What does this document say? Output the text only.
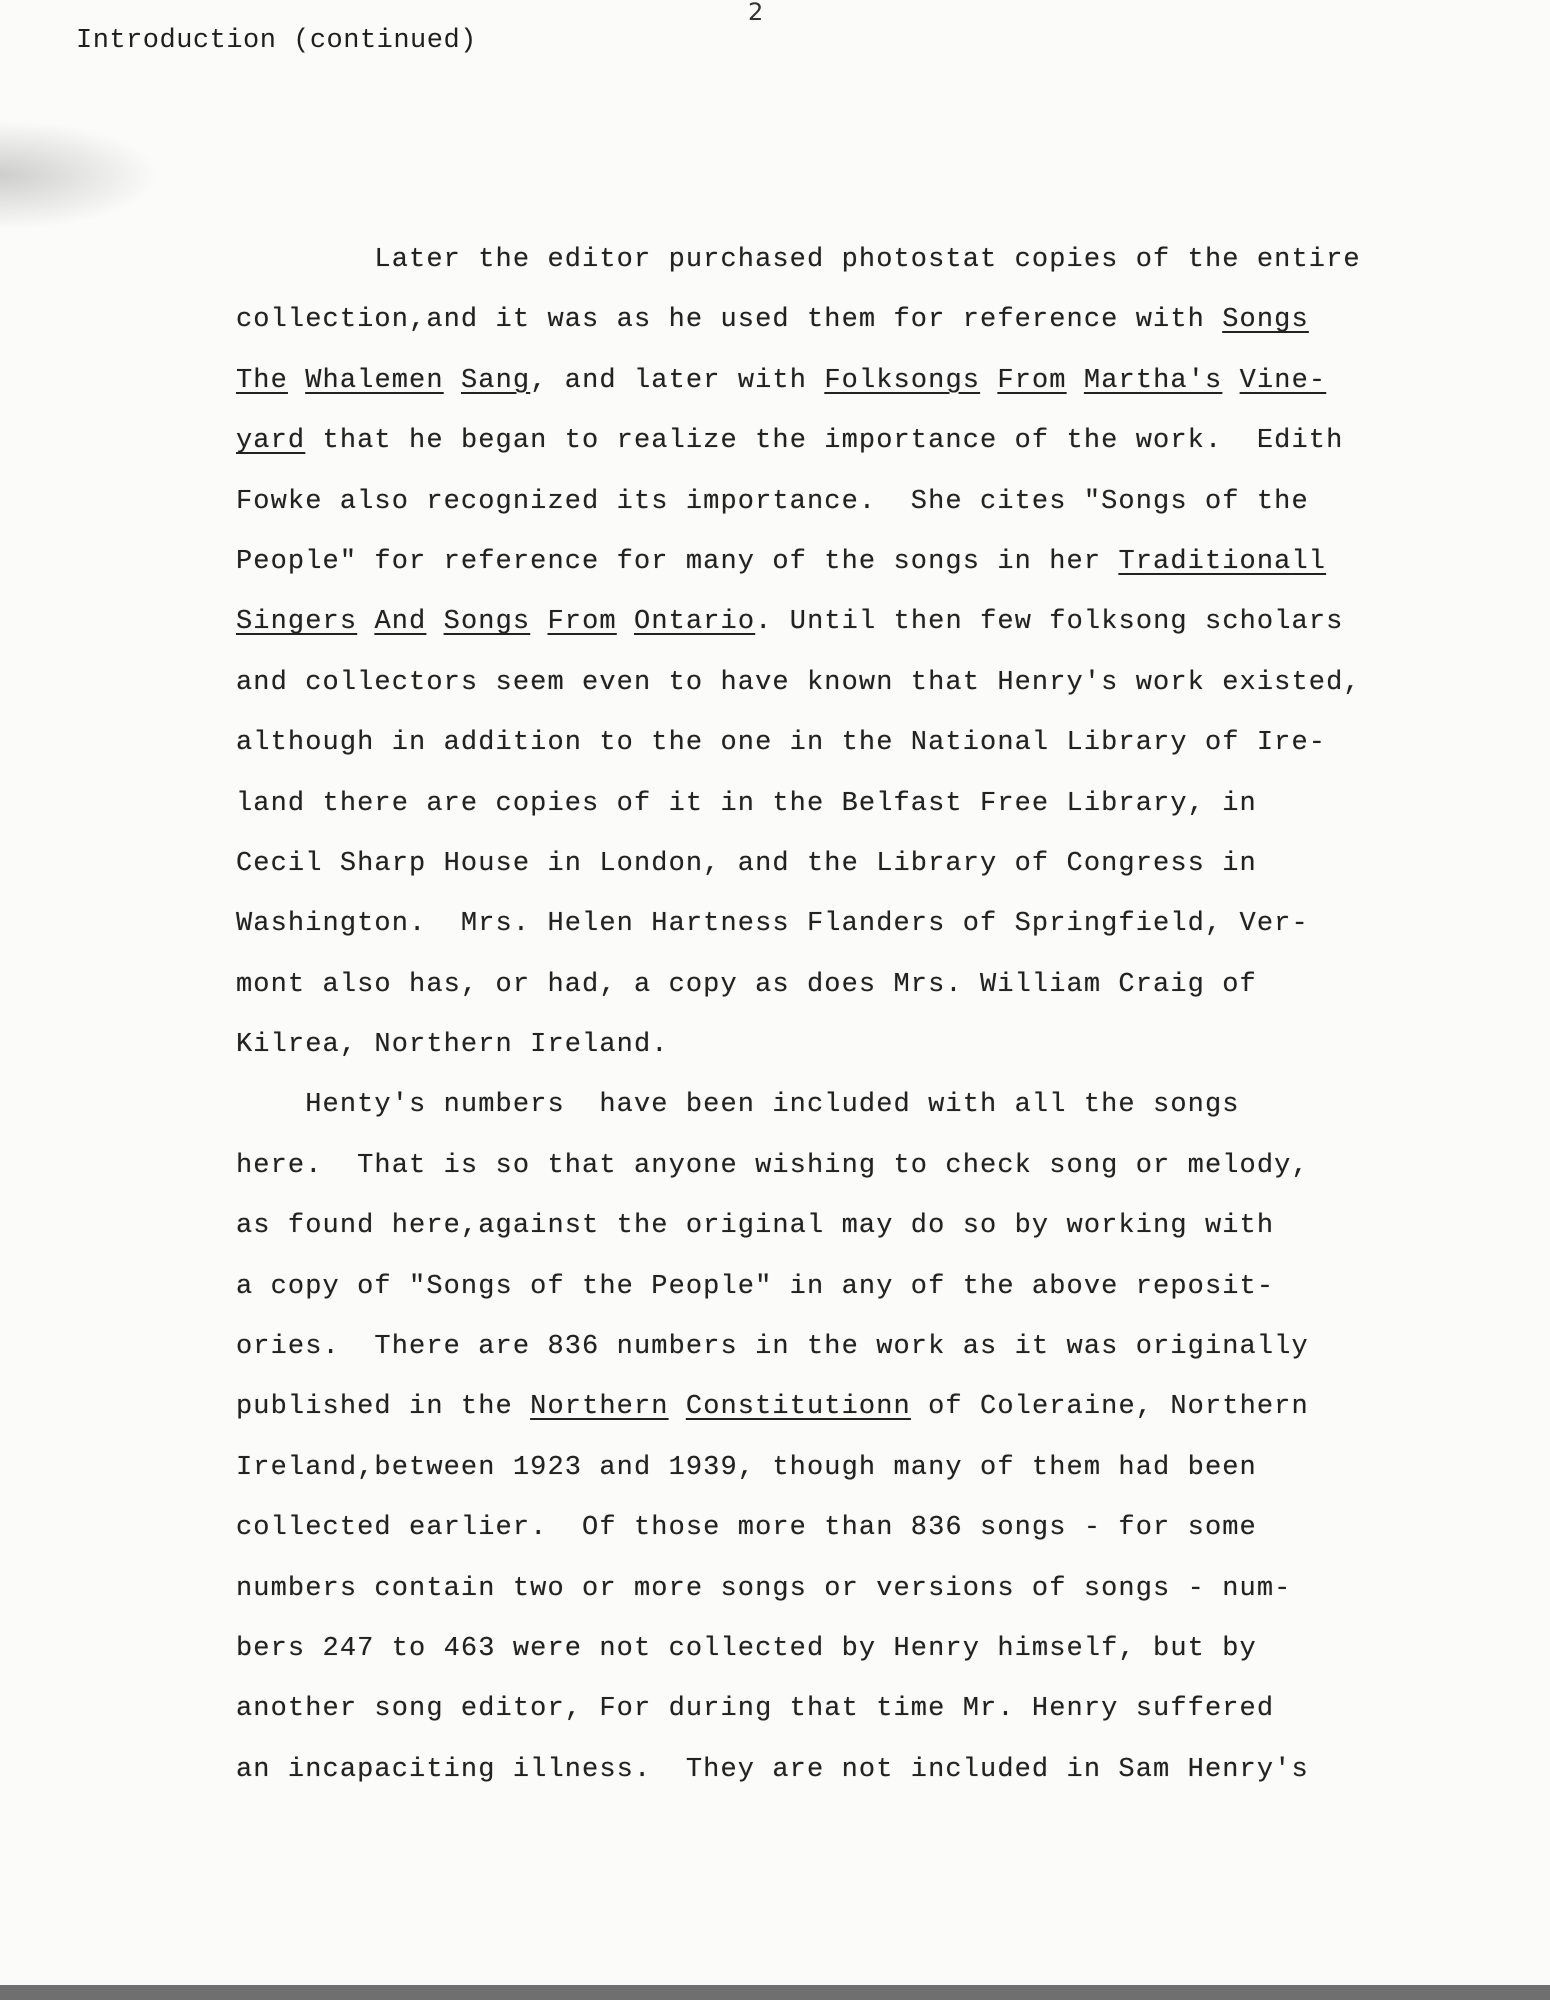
2
Introduction (continued)
Later the editor purchased photostat copies of the entire
collection,and it was as he used them for reference with Songs
The Whalemen Sang, and later with Folksongs From Martha's Vine-
yard that he began to realize the importance of the work.  Edith
Fowke also recognized its importance.  She cites "Songs of the
People" for reference for many of the songs in her Traditionall
Singers And Songs From Ontario. Until then few folksong scholars
and collectors seem even to have known that Henry's work existed,
although in addition to the one in the National Library of Ire-
land there are copies of it in the Belfast Free Library, in
Cecil Sharp House in London, and the Library of Congress in
Washington.  Mrs. Helen Hartness Flanders of Springfield, Ver-
mont also has, or had, a copy as does Mrs. William Craig of
Kilrea, Northern Ireland.
Henty's numbers  have been included with all the songs
here.  That is so that anyone wishing to check song or melody,
as found here,against the original may do so by working with
a copy of "Songs of the People" in any of the above reposit-
ories.  There are 836 numbers in the work as it was originally
published in the Northern Constitutionn of Coleraine, Northern
Ireland,between 1923 and 1939, though many of them had been
collected earlier.  Of those more than 836 songs - for some
numbers contain two or more songs or versions of songs - num-
bers 247 to 463 were not collected by Henry himself, but by
another song editor, For during that time Mr. Henry suffered
an incapaciting illness.  They are not included in Sam Henry's
